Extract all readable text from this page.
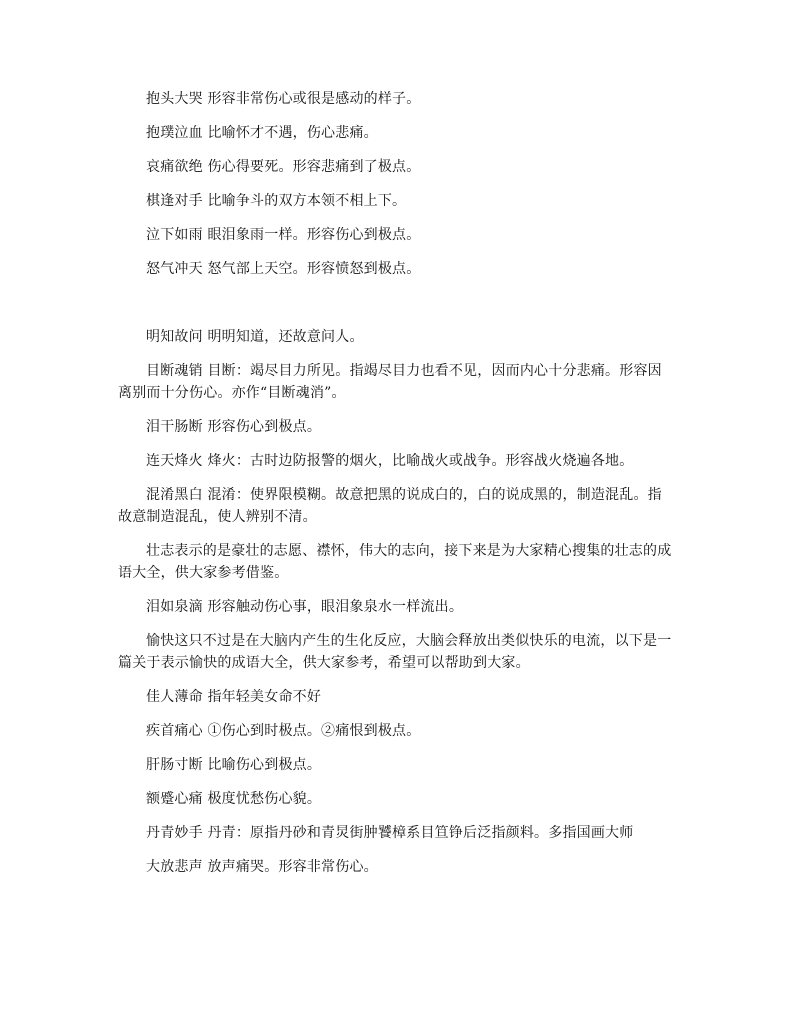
抱头大哭 形容非常伤心或很是感动的样子。

抱璞泣血 比喻怀才不遇，伤心悲痛。

哀痛欲绝 伤心得要死。形容悲痛到了极点。

棋逢对手 比喻争斗的双方本领不相上下。

泣下如雨 眼泪象雨一样。形容伤心到极点。

怒气冲天 怒气部上天空。形容愤怒到极点。

明知故问 明明知道，还故意问人。

目断魂销 目断：竭尽目力所见。指竭尽目力也看不见，因而内心十分悲痛。形容因离别而十分伤心。亦作“目断魂消”。

泪干肠断 形容伤心到极点。

连天烽火 烽火：古时边防报警的烟火，比喻战火或战争。形容战火烧遍各地。

混淆黑白 混淆：使界限模糊。故意把黑的说成白的，白的说成黑的，制造混乱。指故意制造混乱，使人辨别不清。

壮志表示的是豪壮的志愿、襟怀，伟大的志向，接下来是为大家精心搜集的壮志的成语大全，供大家参考借鉴。

泪如泉滴 形容触动伤心事，眼泪象泉水一样流出。

愉快这只不过是在大脑内产生的生化反应，大脑会释放出类似快乐的电流，以下是一篇关于表示愉快的成语大全，供大家参考，希望可以帮助到大家。

佳人薄命 指年轻美女命不好

疾首痛心 ①伤心到时极点。②痛恨到极点。

肝肠寸断 比喻伤心到极点。

额蹙心痛 极度忧愁伤心貌。

丹青妙手 丹青：原指丹砂和青炅街肿饕樟系目笪铮后泛指颜料。多指国画大师

大放悲声 放声痛哭。形容非常伤心。
